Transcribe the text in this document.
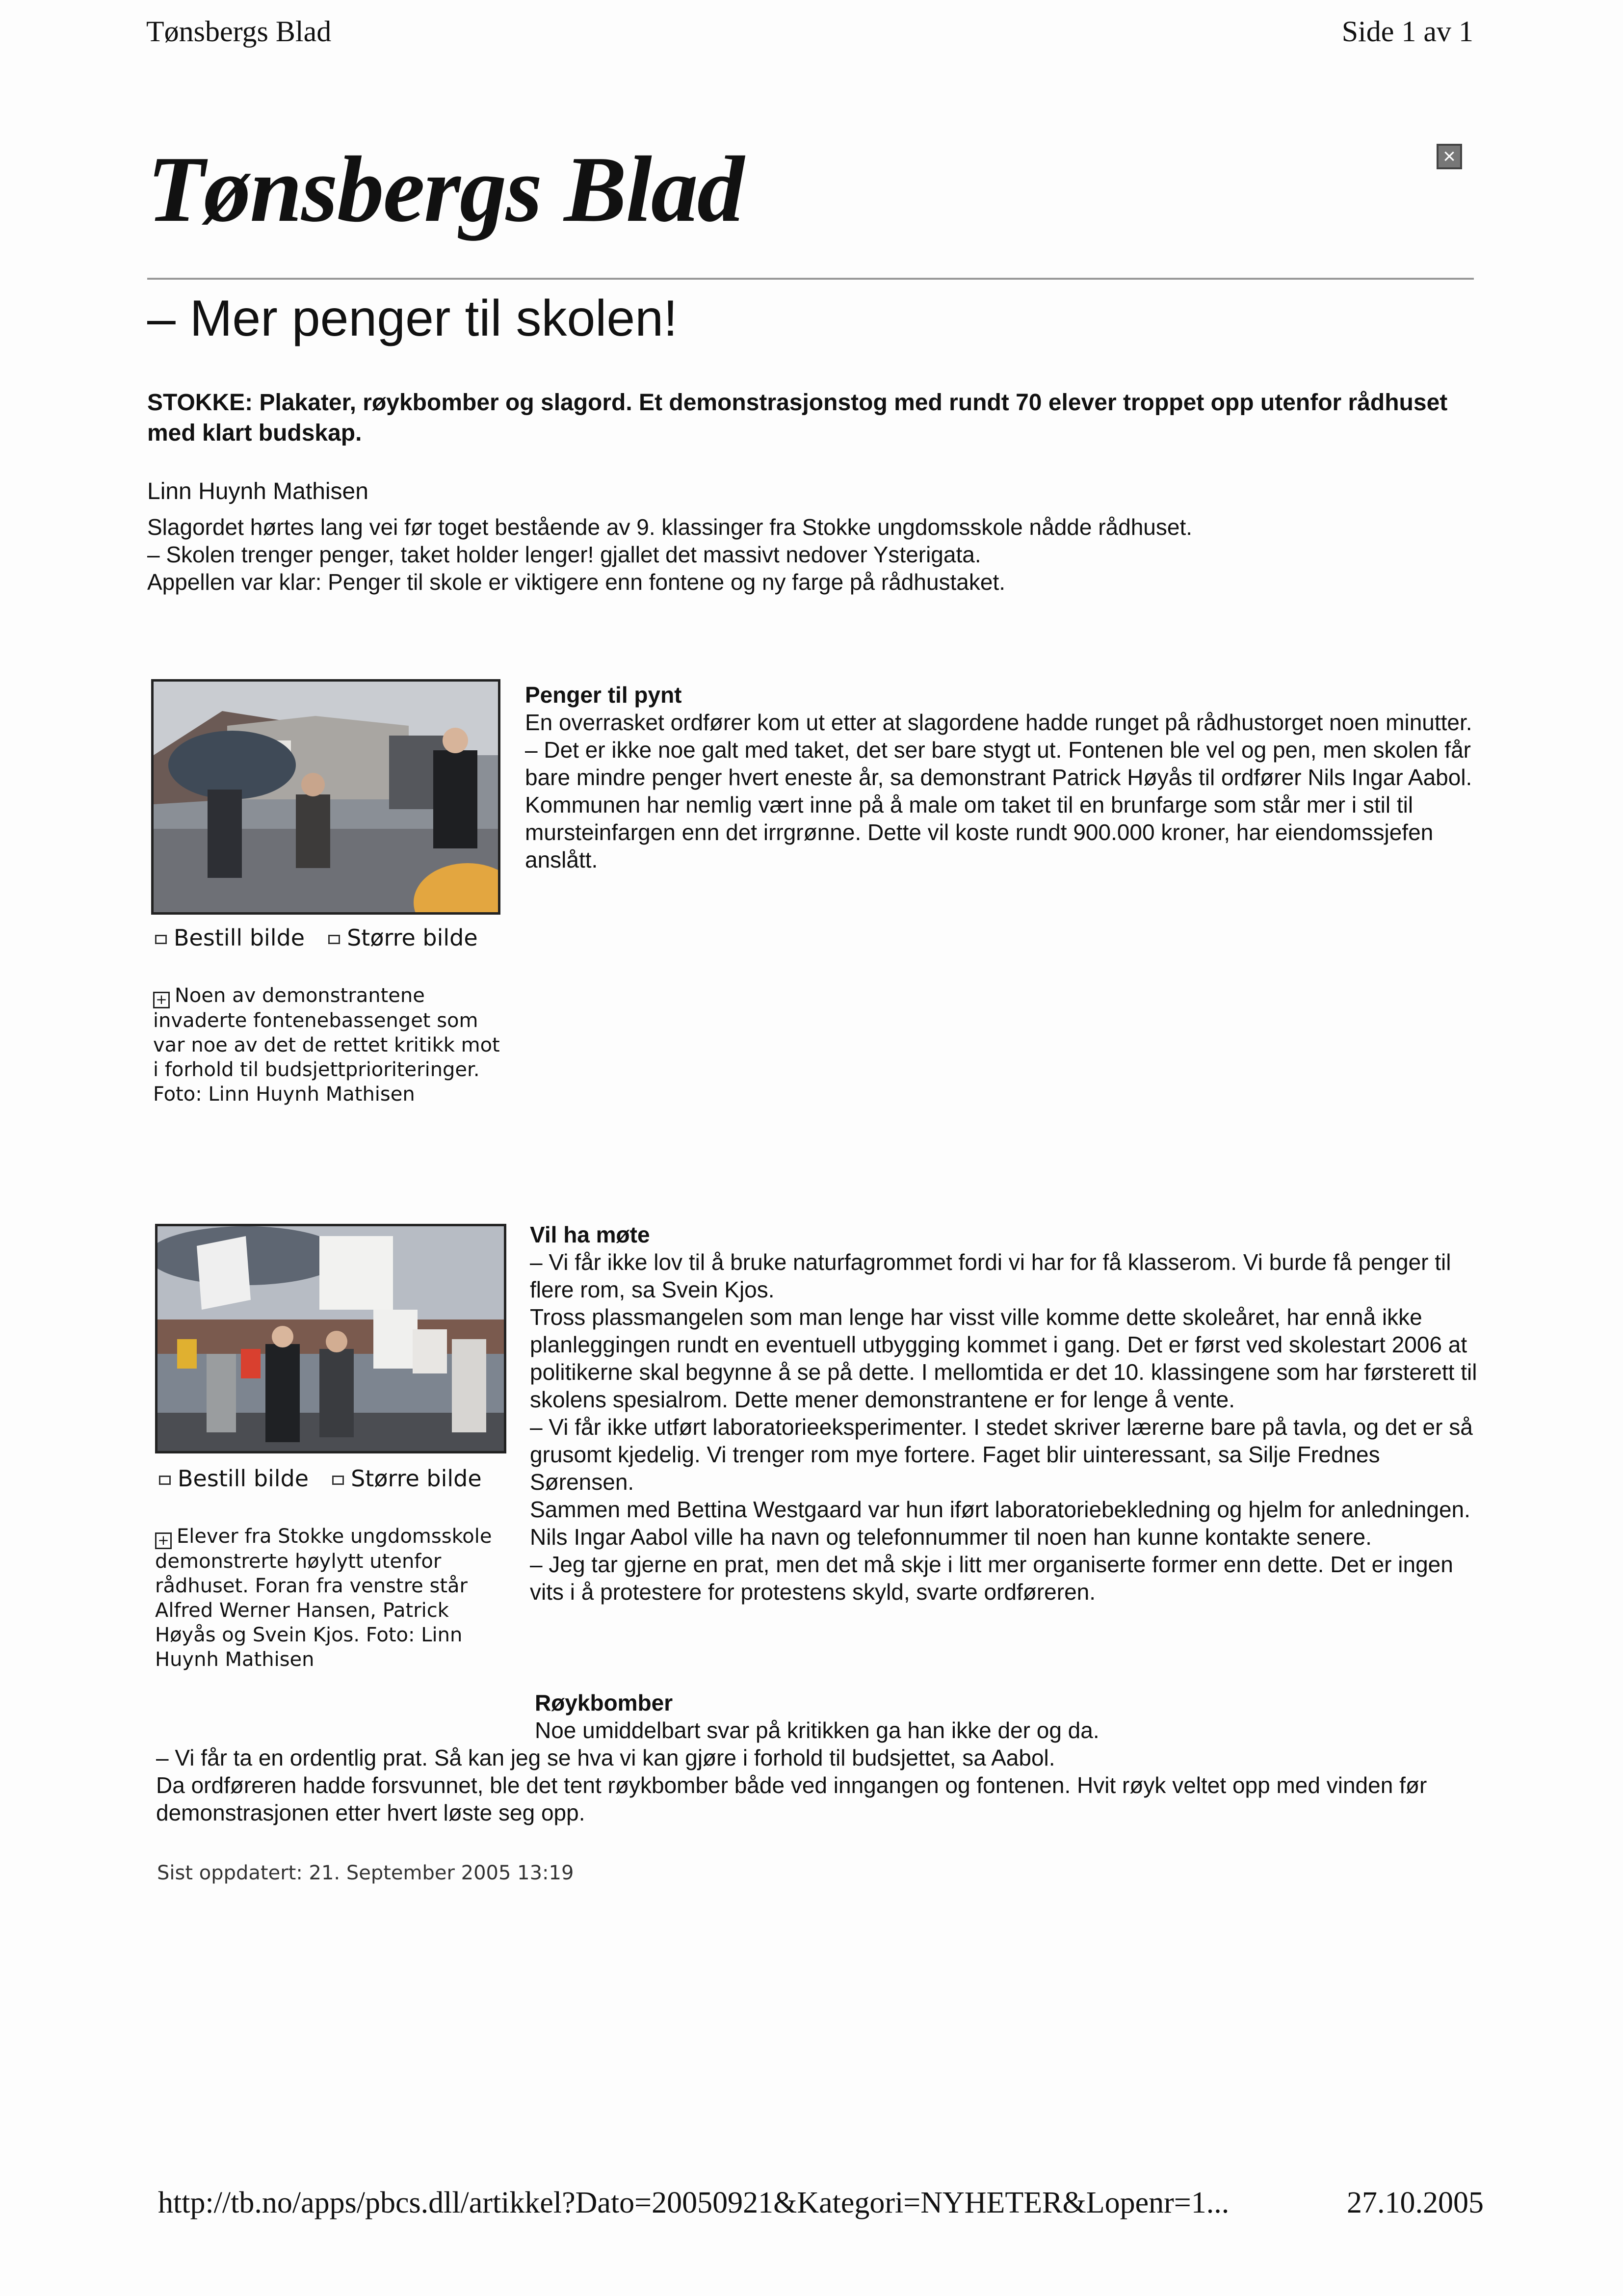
Tønsbergs Blad	Side 1 av 1
Tønsbergs Blad	×
– Mer penger til skolen!

STOKKE: Plakater, røykbomber og slagord. Et demonstrasjonstog med rundt 70 elever troppet opp utenfor rådhuset med klart budskap.

Linn Huynh Mathisen

Slagordet hørtes lang vei før toget bestående av 9. klassinger fra Stokke ungdomsskole nådde rådhuset.

– Skolen trenger penger, taket holder lenger! gjallet det massivt nedover Ysterigata.

Appellen var klar: Penger til skole er viktigere enn fontene og ny farge på rådhustaket.

Bestill bilde Større bilde
+ Noen av demonstrantene invaderte fontenebassenget som var noe av det de rettet kritikk mot i forhold til budsjettprioriteringer. Foto: Linn Huynh Mathisen
Penger til pynt

En overrasket ordfører kom ut etter at slagordene hadde runget på rådhustorget noen minutter.

– Det er ikke noe galt med taket, det ser bare stygt ut. Fontenen ble vel og pen, men skolen får bare mindre penger hvert eneste år, sa demonstrant Patrick Høyås til ordfører Nils Ingar Aabol.

Kommunen har nemlig vært inne på å male om taket til en brunfarge som står mer i stil til mursteinfargen enn det irrgrønne. Dette vil koste rundt 900.000 kroner, har eiendomssjefen anslått.

Bestill bilde Større bilde
+ Elever fra Stokke ungdomsskole demonstrerte høylytt utenfor rådhuset. Foran fra venstre står Alfred Werner Hansen, Patrick Høyås og Svein Kjos. Foto: Linn Huynh Mathisen
Vil ha møte

– Vi får ikke lov til å bruke naturfagrommet fordi vi har for få klasserom. Vi burde få penger til flere rom, sa Svein Kjos.

Tross plassmangelen som man lenge har visst ville komme dette skoleåret, har ennå ikke planleggingen rundt en eventuell utbygging kommet i gang. Det er først ved skolestart 2006 at politikerne skal begynne å se på dette. I mellomtida er det 10. klassingene som har førsterett til skolens spesialrom. Dette mener demonstrantene er for lenge å vente.

– Vi får ikke utført laboratorieeksperimenter. I stedet skriver lærerne bare på tavla, og det er så grusomt kjedelig. Vi trenger rom mye fortere. Faget blir uinteressant, sa Silje Frednes Sørensen.

Sammen med Bettina Westgaard var hun iført laboratoriebekledning og hjelm for anledningen.

Nils Ingar Aabol ville ha navn og telefonnummer til noen han kunne kontakte senere.

– Jeg tar gjerne en prat, men det må skje i litt mer organiserte former enn dette. Det er ingen vits i å protestere for protestens skyld, svarte ordføreren.

Røykbomber

Noe umiddelbart svar på kritikken ga han ikke der og da.

– Vi får ta en ordentlig prat. Så kan jeg se hva vi kan gjøre i forhold til budsjettet, sa Aabol.

Da ordføreren hadde forsvunnet, ble det tent røykbomber både ved inngangen og fontenen. Hvit røyk veltet opp med vinden før demonstrasjonen etter hvert løste seg opp.

Sist oppdatert: 21. September 2005 13:19
http://tb.no/apps/pbcs.dll/artikkel?Dato=20050921&Kategori=NYHETER&Lopenr=1...	27.10.2005
